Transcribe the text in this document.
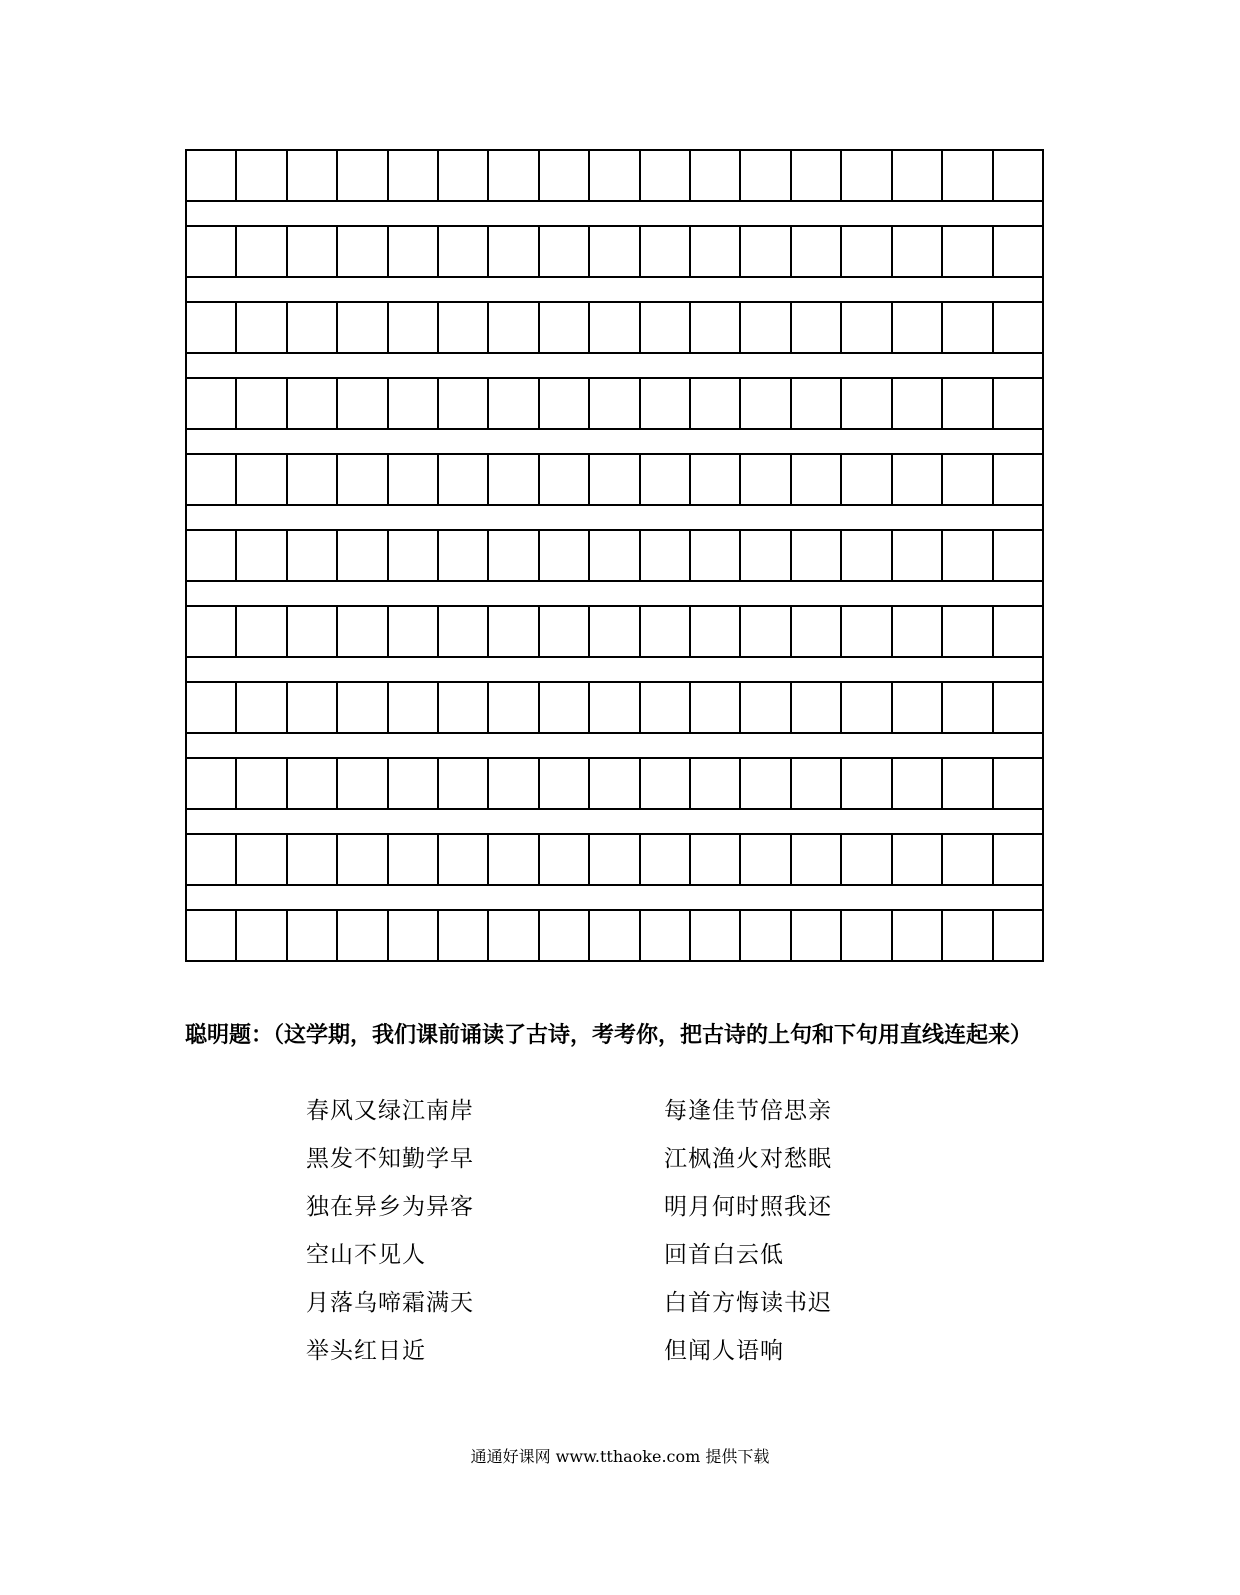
聪明题：（这学期，我们课前诵读了古诗，考考你，把古诗的上句和下句用直线连起来）
春风又绿江南岸
黑发不知勤学早
独在异乡为异客
空山不见人
月落乌啼霜满天
举头红日近
每逢佳节倍思亲
江枫渔火对愁眠
明月何时照我还
回首白云低
白首方悔读书迟
但闻人语响
通通好课网 www.tthaoke.com 提供下载
